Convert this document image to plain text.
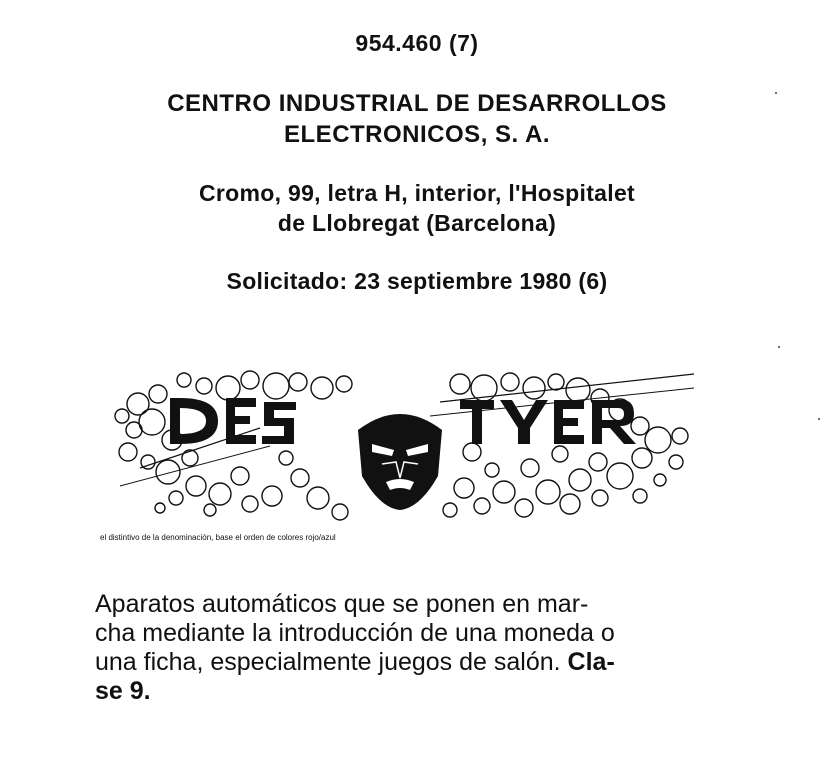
954.460 (7)
CENTRO INDUSTRIAL DE DESARROLLOS
ELECTRONICOS, S. A.
Cromo, 99, letra H, interior, l'Hospitalet
de Llobregat (Barcelona)
Solicitado: 23 septiembre 1980 (6)
el distintivo de la denominación, base el orden de colores rojo/azul
Aparatos automáticos que se ponen en mar-
cha mediante la introducción de una moneda o
una ficha, especialmente juegos de salón. Cla-
se 9.
